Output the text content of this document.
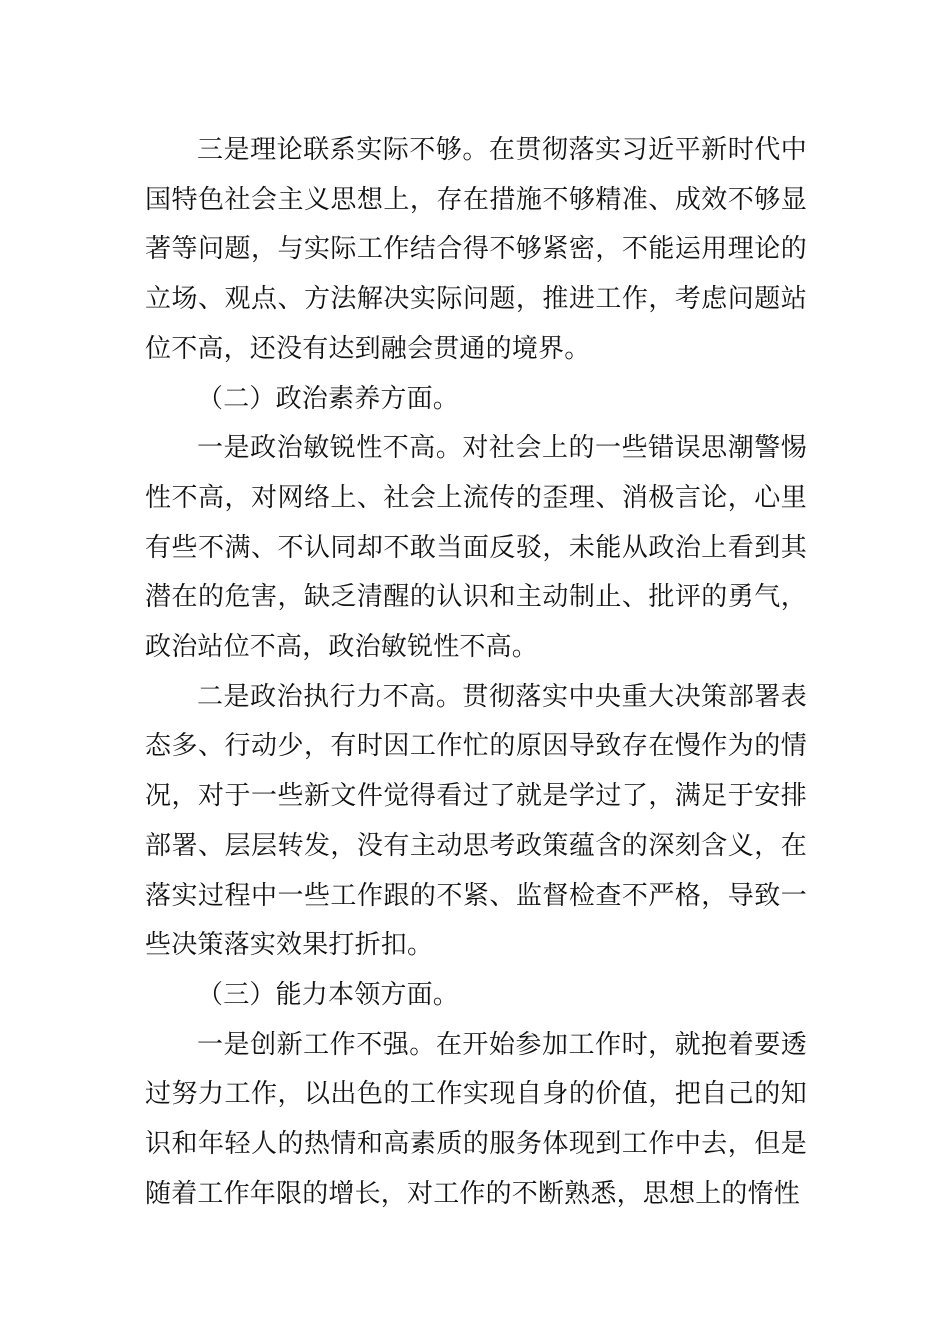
三是理论联系实际不够。在贯彻落实习近平新时代中国特色社会主义思想上，存在措施不够精准、成效不够显著等问题，与实际工作结合得不够紧密，不能运用理论的立场、观点、方法解决实际问题，推进工作，考虑问题站位不高，还没有达到融会贯通的境界。

（二）政治素养方面。

一是政治敏锐性不高。对社会上的一些错误思潮警惕性不高，对网络上、社会上流传的歪理、消极言论，心里有些不满、不认同却不敢当面反驳，未能从政治上看到其潜在的危害，缺乏清醒的认识和主动制止、批评的勇气，政治站位不高，政治敏锐性不高。

二是政治执行力不高。贯彻落实中央重大决策部署表态多、行动少，有时因工作忙的原因导致存在慢作为的情况，对于一些新文件觉得看过了就是学过了，满足于安排部署、层层转发，没有主动思考政策蕴含的深刻含义，在落实过程中一些工作跟的不紧、监督检查不严格，导致一些决策落实效果打折扣。

（三）能力本领方面。

一是创新工作不强。在开始参加工作时，就抱着要透过努力工作，以出色的工作实现自身的价值，把自己的知识和年轻人的热情和高素质的服务体现到工作中去，但是随着工作年限的增长，对工作的不断熟悉，思想上的惰性
